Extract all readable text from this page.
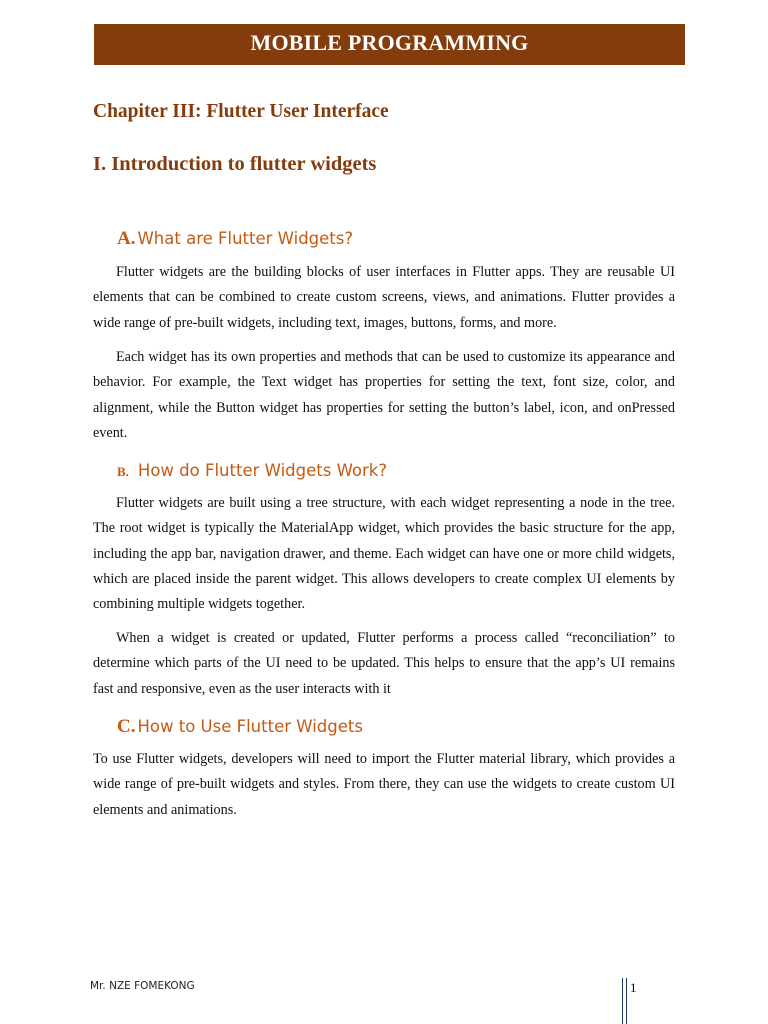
MOBILE PROGRAMMING
Chapiter III: Flutter User Interface
I. Introduction to flutter widgets
A. What are Flutter Widgets?

Flutter widgets are the building blocks of user interfaces in Flutter apps. They are reusable UI elements that can be combined to create custom screens, views, and animations. Flutter provides a wide range of pre-built widgets, including text, images, buttons, forms, and more.

Each widget has its own properties and methods that can be used to customize its appearance and behavior. For example, the Text widget has properties for setting the text, font size, color, and alignment, while the Button widget has properties for setting the button’s label, icon, and onPressed event.

B. How do Flutter Widgets Work?

Flutter widgets are built using a tree structure, with each widget representing a node in the tree. The root widget is typically the MaterialApp widget, which provides the basic structure for the app, including the app bar, navigation drawer, and theme. Each widget can have one or more child widgets, which are placed inside the parent widget. This allows developers to create complex UI elements by combining multiple widgets together.

When a widget is created or updated, Flutter performs a process called “reconciliation” to determine which parts of the UI need to be updated. This helps to ensure that the app’s UI remains fast and responsive, even as the user interacts with it

C. How to Use Flutter Widgets

To use Flutter widgets, developers will need to import the Flutter material library, which provides a wide range of pre-built widgets and styles. From there, they can use the widgets to create custom UI elements and animations.

Mr. NZE FOMEKONG	1
